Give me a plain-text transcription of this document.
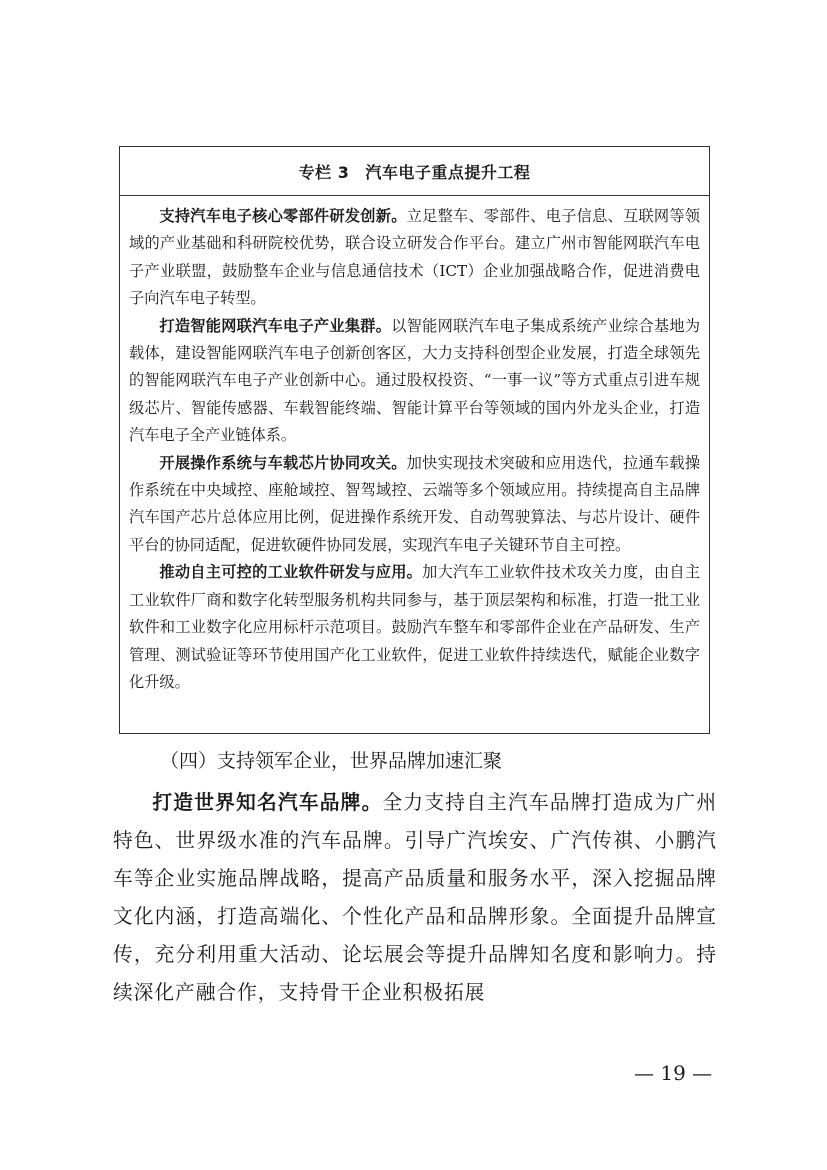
专栏 3 汽车电子重点提升工程

支持汽车电子核心零部件研发创新。立足整车、零部件、电子信息、互联网等领域的产业基础和科研院校优势，联合设立研发合作平台。建立广州市智能网联汽车电子产业联盟，鼓励整车企业与信息通信技术（ICT）企业加强战略合作，促进消费电子向汽车电子转型。

打造智能网联汽车电子产业集群。以智能网联汽车电子集成系统产业综合基地为载体，建设智能网联汽车电子创新创客区，大力支持科创型企业发展，打造全球领先的智能网联汽车电子产业创新中心。通过股权投资、“一事一议”等方式重点引进车规级芯片、智能传感器、车载智能终端、智能计算平台等领域的国内外龙头企业，打造汽车电子全产业链体系。

开展操作系统与车载芯片协同攻关。加快实现技术突破和应用迭代，拉通车载操作系统在中央域控、座舱域控、智驾域控、云端等多个领域应用。持续提高自主品牌汽车国产芯片总体应用比例，促进操作系统开发、自动驾驶算法、与芯片设计、硬件平台的协同适配，促进软硬件协同发展，实现汽车电子关键环节自主可控。

推动自主可控的工业软件研发与应用。加大汽车工业软件技术攻关力度，由自主工业软件厂商和数字化转型服务机构共同参与，基于顶层架构和标准，打造一批工业软件和工业数字化应用标杆示范项目。鼓励汽车整车和零部件企业在产品研发、生产管理、测试验证等环节使用国产化工业软件，促进工业软件持续迭代，赋能企业数字化升级。

（四）支持领军企业，世界品牌加速汇聚

打造世界知名汽车品牌。全力支持自主汽车品牌打造成为广州特色、世界级水准的汽车品牌。引导广汽埃安、广汽传祺、小鹏汽车等企业实施品牌战略，提高产品质量和服务水平，深入挖掘品牌文化内涵，打造高端化、个性化产品和品牌形象。全面提升品牌宣传，充分利用重大活动、论坛展会等提升品牌知名度和影响力。持续深化产融合作，支持骨干企业积极拓展

— 19 —
